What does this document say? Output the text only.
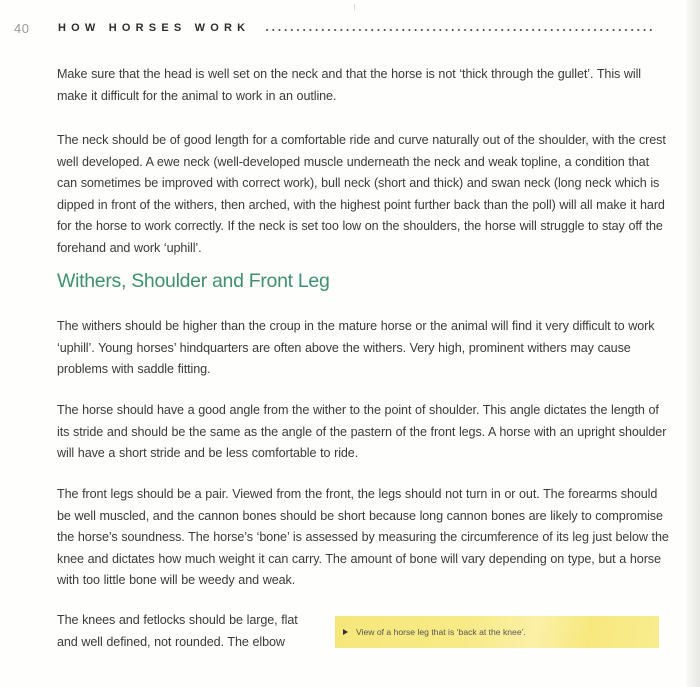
40	HOW HORSES WORK

Make sure that the head is well set on the neck and that the horse is not ‘thick through the gullet’. This will make it difficult for the animal to work in an outline.

The neck should be of good length for a comfortable ride and curve naturally out of the shoulder, with the crest well developed. A ewe neck (well-developed muscle underneath the neck and weak topline, a condition that can sometimes be improved with correct work), bull neck (short and thick) and swan neck (long neck which is dipped in front of the withers, then arched, with the highest point further back than the poll) will all make it hard for the horse to work correctly. If the neck is set too low on the shoulders, the horse will struggle to stay off the forehand and work ‘uphill’.

Withers, Shoulder and Front Leg

The withers should be higher than the croup in the mature horse or the animal will find it very difficult to work ‘uphill’. Young horses’ hindquarters are often above the withers. Very high, prominent withers may cause problems with saddle fitting.

The horse should have a good angle from the wither to the point of shoulder. This angle dictates the length of its stride and should be the same as the angle of the pastern of the front legs. A horse with an upright shoulder will have a short stride and be less comfortable to ride.

The front legs should be a pair. Viewed from the front, the legs should not turn in or out. The forearms should be well muscled, and the cannon bones should be short because long cannon bones are likely to compromise the horse’s soundness. The horse’s ‘bone’ is assessed by measuring the circumference of its leg just below the knee and dictates how much weight it can carry. The amount of bone will vary depending on type, but a horse with too little bone will be weedy and weak.

The knees and fetlocks should be large, flat and well defined, not rounded. The elbow

View of a horse leg that is ‘back at the knee’.
